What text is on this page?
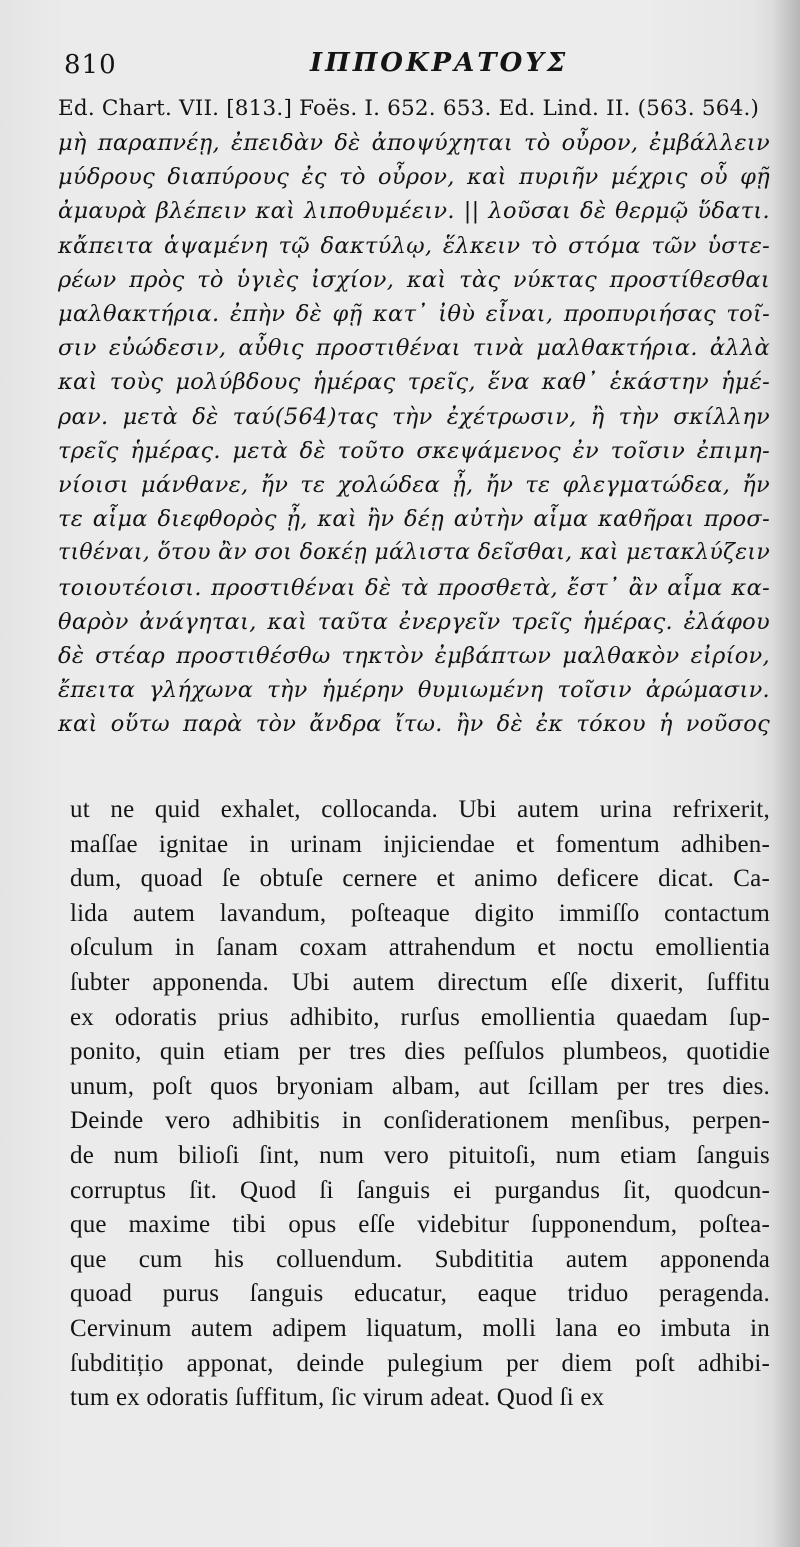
810	ΙΠΠΟΚΡΑΤΟΥΣ
Ed. Chart. VII. [813.] Foës. I. 652. 653. Ed. Lind. II. (563. 564.)
μὴ παραπνέῃ, ἐπειδὰν δὲ ἀποψύχηται τὸ οὖρον, ἐμβάλλειν
μύδρους διαπύρους ἐς τὸ οὖρον, καὶ πυριῆν μέχρις οὗ φῇ
ἀμαυρὰ βλέπειν καὶ λιποθυμέειν. || λοῦσαι δὲ θερμῷ ὕδατι.
κἄπειτα ἁψαμένη τῷ δακτύλῳ, ἕλκειν τὸ στόμα τῶν ὑστε-
ρέων πρὸς τὸ ὑγιὲς ἰσχίον, καὶ τὰς νύκτας προστίθεσθαι
μαλθακτήρια. ἐπὴν δὲ φῇ κατ᾽ ἰθὺ εἶναι, προπυριήσας τοῖ-
σιν εὐώδεσιν, αὖθις προστιθέναι τινὰ μαλθακτήρια. ἀλλὰ
καὶ τοὺς μολύβδους ἡμέρας τρεῖς, ἕνα καθ᾽ ἑκάστην ἡμέ-
ραν. μετὰ δὲ ταύ(564)τας τὴν ἐχέτρωσιν, ἢ τὴν σκίλλην
τρεῖς ἡμέρας. μετὰ δὲ τοῦτο σκεψάμενος ἐν τοῖσιν ἐπιμη-
νίοισι μάνθανε, ἤν τε χολώδεα ᾖ, ἤν τε φλεγματώδεα, ἤν
τε αἷμα διεφθορὸς ᾖ, καὶ ἢν δέῃ αὐτὴν αἷμα καθῆραι προσ-
τιθέναι, ὅτου ἂν σοι δοκέῃ μάλιστα δεῖσθαι, καὶ μετακλύζειν
τοιουτέοισι. προστιθέναι δὲ τὰ προσθετὰ, ἔστ᾽ ἂν αἷμα κα-
θαρὸν ἀνάγηται, καὶ ταῦτα ἐνεργεῖν τρεῖς ἡμέρας. ἐλάφου
δὲ στέαρ προστιθέσθω τηκτὸν ἐμβάπτων μαλθακὸν εἰρίον,
ἔπειτα γλήχωνα τὴν ἡμέρην θυμιωμένη τοῖσιν ἀρώμασιν.
καὶ οὕτω παρὰ τὸν ἄνδρα ἴτω. ἢν δὲ ἐκ τόκου ἡ νοῦσος
ut ne quid exhalet, collocanda. Ubi autem urina refrixerit,
maſſae ignitae in urinam injiciendae et fomentum adhiben-
dum, quoad ſe obtuſe cernere et animo deficere dicat. Ca-
lida autem lavandum, poſteaque digito immiſſo contactum
oſculum in ſanam coxam attrahendum et noctu emollientia
ſubter apponenda. Ubi autem directum eſſe dixerit, ſuffitu
ex odoratis prius adhibito, rurſus emollientia quaedam ſup-
ponito, quin etiam per tres dies peſſulos plumbeos, quotidie
unum, poſt quos bryoniam albam, aut ſcillam per tres dies.
Deinde vero adhibitis in conſiderationem menſibus, perpen-
de num bilioſi ſint, num vero pituitoſi, num etiam ſanguis
corruptus ſit. Quod ſi ſanguis ei purgandus ſit, quodcun-
que maxime tibi opus eſſe videbitur ſupponendum, poſtea-
que cum his colluendum. Subdititia autem apponenda
quoad purus ſanguis educatur, eaque triduo peragenda.
Cervinum autem adipem liquatum, molli lana eo imbuta in
ſubditițio apponat, deinde pulegium per diem poſt adhibi-
tum ex odoratis ſuffitum, ſic virum adeat. Quod ſi ex
